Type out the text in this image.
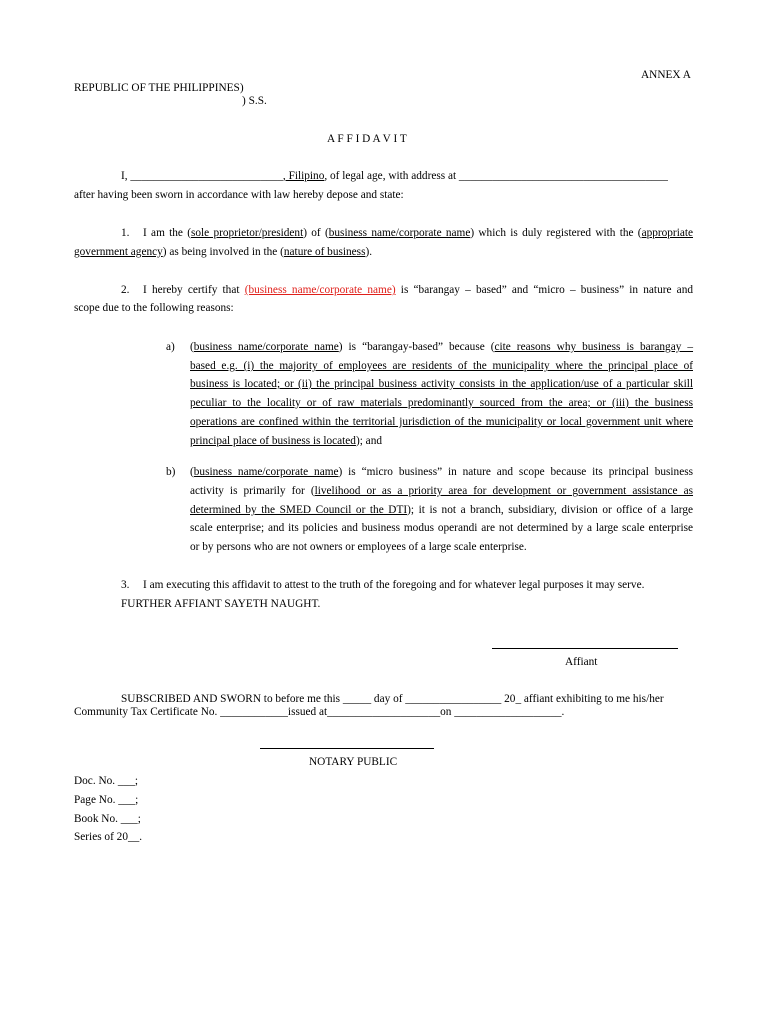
ANNEX A
REPUBLIC OF THE PHILIPPINES)
) S.S.
A F F I D A V I T
I, ___________________________, Filipino, of legal age, with address at _____________________________________
after having been sworn in accordance with law hereby depose and state:
1. I am the (sole proprietor/president) of (business name/corporate name) which is duly registered with the (appropriate
government agency) as being involved in the (nature of business).
2. I hereby certify that (business name/corporate name) is “barangay – based” and “micro – business” in nature and
scope due to the following reasons:
a) (business name/corporate name) is “barangay-based” because (cite reasons why business is barangay –
based e.g. (i) the majority of employees are residents of the municipality where the principal place of
business is located; or (ii) the principal business activity consists in the application/use of a particular skill
peculiar to the locality or of raw materials predominantly sourced from the area; or (iii) the business
operations are confined within the territorial jurisdiction of the municipality or local government unit where
principal place of business is located); and
b) (business name/corporate name) is “micro business” in nature and scope because its principal business
activity is primarily for (livelihood or as a priority area for development or government assistance as
determined by the SMED Council or the DTI); it is not a branch, subsidiary, division or office of a large
scale enterprise; and its policies and business modus operandi are not determined by a large scale enterprise
or by persons who are not owners or employees of a large scale enterprise.
3. I am executing this affidavit to attest to the truth of the foregoing and for whatever legal purposes it may serve.
FURTHER AFFIANT SAYETH NAUGHT.
Affiant
SUBSCRIBED AND SWORN to before me this _____ day of _________________ 20_ affiant exhibiting to me his/her
Community Tax Certificate No. ____________issued at____________________on ___________________.
NOTARY PUBLIC
Doc. No. ___;
Page No. ___;
Book No. ___;
Series of 20__.
